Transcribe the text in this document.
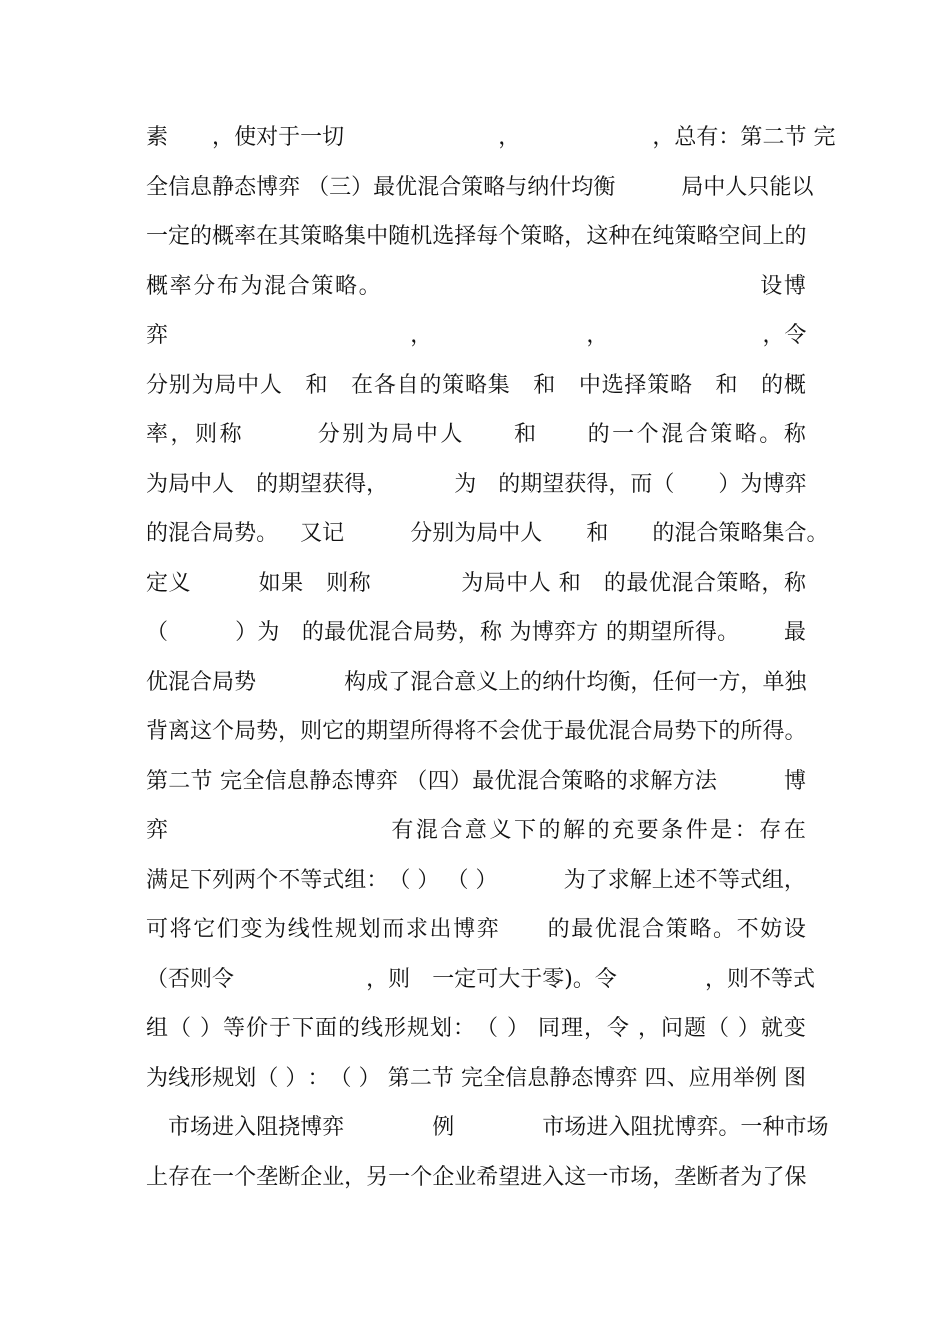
素

　 ， 使 对 于 一 切

　	，

　	， 总 有 ： 第 二 节
完
全 信 息 静 态 博 弈
（ 三 ） 最 优 混 合 策 略 与 纳 什 均 衡

　	局 中 人 只 能 以
一 定 的 概 率 在 其 策 略 集 中 随 机 选 择 每 个 策 略 ， 这 种 在 纯 策 略 空 间 上 的
概 率 分 布 为 混 合 策 略 。

　	设 博
弈

　	，

　	，

　	， 令
分 别 为 局 中 人
　 和
　 在 各 自 的 策 略 集
　 和
　 中 选 择 策 略
　 和
　 的 概
率 ， 则 称

　	分 别 为 局 中 人

　 和

　 的 一 个 混 合 策 略 。 称
为 局 中 人
　 的 期 望 获 得 ，

　	为
　 的 期 望 获 得 ， 而 （

　 ） 为 博 弈
的 混 合 局 势 。
　 又 记

　	分 别 为 局 中 人

　 和

　 的 混 合 策 略 集 合 。
定 义

　	如 果
　 则 称

　	为 局 中 人
和
　 的 最 优 混 合 策 略 ， 称
（

　	） 为
　 的 最 优 混 合 局 势 ， 称
为 博 弈 方
的 期 望 所 得 。

　 最
优 混 合 局 势

　	构 成 了 混 合 意 义 上 的 纳 什 均 衡 ， 任 何 一 方 ， 单 独
背 离 这 个 局 势 ， 则 它 的 期 望 所 得 将 不 会 优 于 最 优 混 合 局 势 下 的 所 得 。
第 二 节
完 全 信 息 静 态 博 弈
（ 四 ） 最 优 混 合 策 略 的 求 解 方 法

　	博
弈

　	有 混 合 意 义 下 的 解 的 充 要 条 件 是 ： 存 在
满 足 下 列 两 个 不 等 式 组 ： （
）
（
）

　	为 了 求 解 上 述 不 等 式 组 ，
可 将 它 们 变 为 线 性 规 划 而 求 出 博 弈

　 的 最 优 混 合 策 略 。 不 妨 设
（ 否 则 令

　	， 则
　 一 定 可 大 于 零 ) 。 令

　	， 则 不 等 式
组 （
） 等 价 于 下 面 的 线 形 规 划 ： （
）
同 理 ， 令
， 问 题 （
） 就 变
为 线 形 规 划 （
） ： （
）
第 二 节
完 全 信 息 静 态 博 弈
四 、 应 用 举 例
图

市 场 进 入 阻 挠 博 弈

　	例

　	市 场 进 入 阻 扰 博 弈 。 一 种 市 场
上 存 在 一 个 垄 断 企 业 ， 另 一 个 企 业 希 望 进 入 这 一 市 场 ， 垄 断 者 为 了 保
